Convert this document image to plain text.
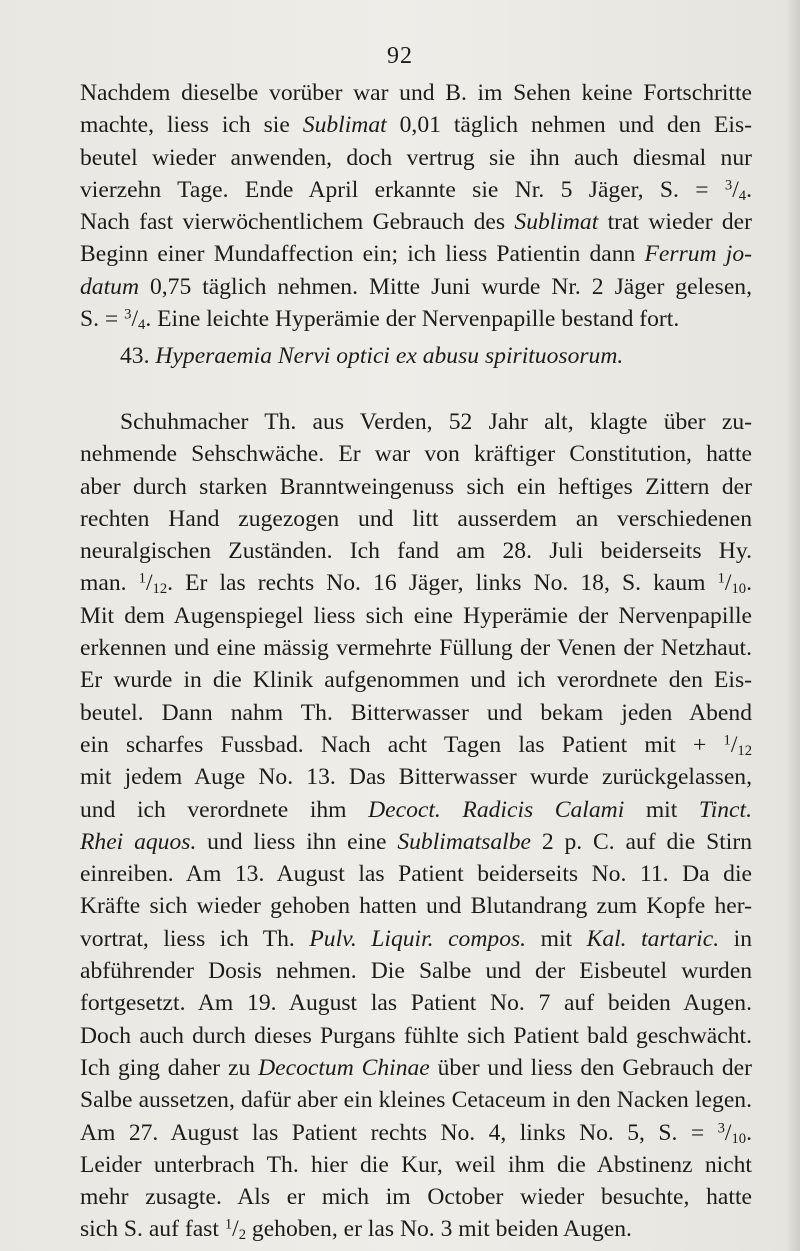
92
Nachdem dieselbe vorüber war und B. im Sehen keine Fortschritte
machte, liess ich sie Sublimat 0,01 täglich nehmen und den Eis-
beutel wieder anwenden, doch vertrug sie ihn auch diesmal nur
vierzehn Tage. Ende April erkannte sie Nr. 5 Jäger, S. = $^3/_4$.
Nach fast vierwöchentlichem Gebrauch des Sublimat trat wieder der
Beginn einer Mundaffection ein; ich liess Patientin dann Ferrum jo-
datum 0,75 täglich nehmen. Mitte Juni wurde Nr. 2 Jäger gelesen,
S. = $^3/_4$. Eine leichte Hyperämie der Nervenpapille bestand fort.
43. Hyperaemia Nervi optici ex abusu spirituosorum.
Schuhmacher Th. aus Verden, 52 Jahr alt, klagte über zu-
nehmende Sehschwäche. Er war von kräftiger Constitution, hatte
aber durch starken Branntweingenuss sich ein heftiges Zittern der
rechten Hand zugezogen und litt ausserdem an verschiedenen
neuralgischen Zuständen. Ich fand am 28. Juli beiderseits Hy.
man. $^1/_{12}$. Er las rechts No. 16 Jäger, links No. 18, S. kaum $^1/_{10}$.
Mit dem Augenspiegel liess sich eine Hyperämie der Nervenpapille
erkennen und eine mässig vermehrte Füllung der Venen der Netzhaut.
Er wurde in die Klinik aufgenommen und ich verordnete den Eis-
beutel. Dann nahm Th. Bitterwasser und bekam jeden Abend
ein scharfes Fussbad. Nach acht Tagen las Patient mit + $^1/_{12}$
mit jedem Auge No. 13. Das Bitterwasser wurde zurückgelassen,
und ich verordnete ihm Decoct. Radicis Calami mit Tinct.
Rhei aquos. und liess ihn eine Sublimatsalbe 2 p. C. auf die Stirn
einreiben. Am 13. August las Patient beiderseits No. 11. Da die
Kräfte sich wieder gehoben hatten und Blutandrang zum Kopfe her-
vortrat, liess ich Th. Pulv. Liquir. compos. mit Kal. tartaric. in
abführender Dosis nehmen. Die Salbe und der Eisbeutel wurden
fortgesetzt. Am 19. August las Patient No. 7 auf beiden Augen.
Doch auch durch dieses Purgans fühlte sich Patient bald geschwächt.
Ich ging daher zu Decoctum Chinae über und liess den Gebrauch der
Salbe aussetzen, dafür aber ein kleines Cetaceum in den Nacken legen.
Am 27. August las Patient rechts No. 4, links No. 5, S. = $^3/_{10}$.
Leider unterbrach Th. hier die Kur, weil ihm die Abstinenz nicht
mehr zusagte. Als er mich im October wieder besuchte, hatte
sich S. auf fast $^1/_2$ gehoben, er las No. 3 mit beiden Augen.
